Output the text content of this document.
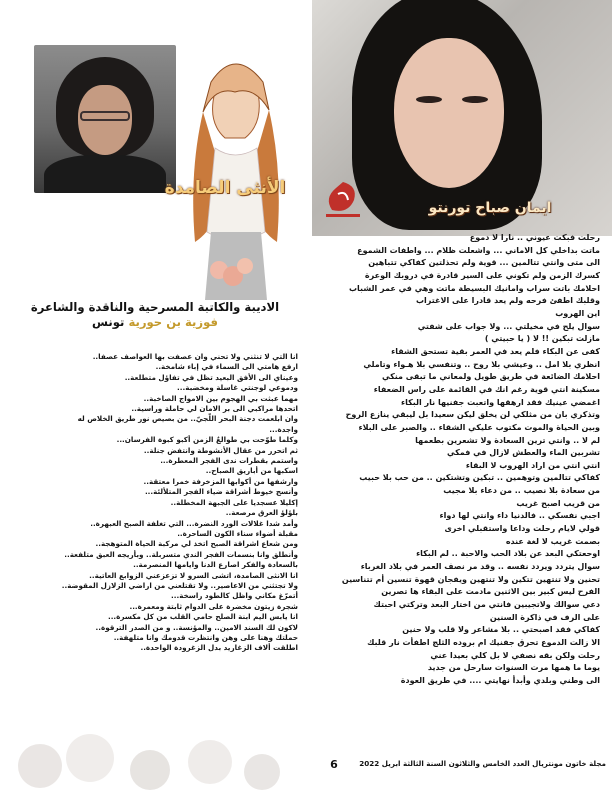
الأنثى الصامدة
ايمان صباح تورنتو
الاديبة والكاتبة المسرحية والناقدة والشاعرة
فوزية بن حورية تونس
انا التي لا تنثني ولا تحني وان عصفت بها العواصف عصفا..
ارفع هامتي الى السماء في إباء شامخة..
وعيناي الى الأفق البعيد تظل في تفاؤل متطلعة..
ودموعي لوجنتي غاسلة ومخضبة...
مهما عبثت بي الهجوم بين الامواج الصاخبة..
اتحدها مراكبي الى بر الامان لي حاملة وراسية..
وان ابلعمت دجنة البحر اللّجيّ.. من بصيص نور طريق الخلاص له
واجدة...
وكلما طوّحت بي طوالعٌ الزمن أكبو كبوة الفرسان...
ثم اتحرر من عقال الأنشوطة وانتفض جنلة..
واستمم بقطرات ندى الفجر المعطرة...
اسكبها من أباريق الصباح..
وارشفها من أكوابها المزخرفة خمرا معتقة..
وأنسج خيوط أشراقة ضياء الفجر المتلألئة...
إكليلا عسجديا على الجبهة المخطلة..
بلؤلؤ العرق مرصعة..
وأمد شدا غلالات الورد النضرة... التي تغلفة الصبح العبهرة..
مقبلة أضواء سناء الكون الساحرة..
ومن شعاع اشراقة الصبح اتخذ لي مركبة الحياة المتوهجة..
وأنطلق وانا بنسمات الفجر الندي متسربلة.. وبأريجه العبق متلفعة..
بالسعادة والفكر اصارع الدنا وايامها المنصرمة..
انا الانثى الصامدة، اتشى السرو لا تزعزعني الزوابع العاتية..
ولا تجتثني من الاعاصير.. ولا تقتلعني من اراضي الزلازل المقوضة..
أتمرّغ مكاني واظل كالطود راسخة...
شجرة زيتون مخضرة على الدوام ثابتة ومعمرة...
انا يابس اليم ابنة الصلح حامي القلب من كل مكسرة...
لاكون لك السند الامين.. والمؤنسة.. و من الصدر الترقوة..
حملتك وهنا على وهن وانتظرت قدومك وانا متلهفة..
اطلقت ألاف الزغاريد بدل الزغرودة الواحدة..
رحلت فبكت عيوني .. نارا لا دموع
ماتت بداخلي كل الاماني ... واشعلت ظلام ... واطفات الشموع
الى متى وانتي تتالمين ... قوية ولم تحذلتين كفاكي تتباهين
كسرك الزمن ولم تكوني على السير قادرة في دروبك الوعرة
احلامك باتت سراب وامانيك البسيطة ماتت وهي في عمر الشباب
وقلبك اطفئ فرحه ولم يعد قادرا على الاغتراب
اين الهروب
سوال يلح في مخيلتي ... ولا جواب على شفتي
مازلت تبكين !! لا ( يا حبيتي )
كفى عن البكاء فلم يعد في العمر بقية تستحق الشقاء
انظري بلا امل .. وعيشي بلا روح .. وتنفسي بلا هـواء وتاملي
احلامك الضائعة في طريق طويل ولمعاني ما تبقى منكي
مسكينة انتي قوية رغم انك في القائمة على راس الضعفاء
اغمضي عينيك فقد ارهقها واتعبت جفنيها نار البكاء
وتذكري بان من مثلكي لن يخلق ليكن سعيدا بل ليبقي ينازع الروح
وبين الحياة والموت مكتوب عليكي الشقاء .. والصبر على البلاء
لم لا .. وانتي ترين السعادة ولا تشعرين بطعمها
تشربين الماء والعطش لازال في فمكي
انتي انتي من اراد الهروب لا البقاء
كفاكي تتالمين وتوهمين .. تبكين وتشتكين .. من حب بلا حبيب
من سعادة بلا نصيب .. من دعاء بلا مجيب
من قريب اصبح غريب
اجبي نفسكي .. فالدنيا داء وانتي لها دواء
قولي لايام رحلت وداعا واستقبلي اخرى
بصمت غريب لا لغة عنده
اوحعتكي البعد عن بلاد الحب والاحبة .. لم البكاء
سوال يتردد ويردد نفسه .. وقد مر نصف العمر في بلاد الغرباء
تحنين ولا تنتهين تتكين ولا تنتهين ويفجان قهوة تنسين أم تتناسين
الفرح ليس كبير بين الاثنين مادمت على البقاء ها تصرين
دعي سوالك ولاتجيبين فانتي من اختار البعد وتركتي احبتك
على الرف في ذاكرة السنين
كفاكي فقد اصبحتي .. بلا مشاعر ولا قلب ولا حنين
الا زالت الدموع تحرق جفنيك ام بروده الثلج اطفأت نار قلبك
رحلت ولكن بقه نصفي لا بل كلي بعيدا عني
يوما ما همها مرت السنوات سارحل من جديد
الى وطني وبلدي وأبدأ نهايتي .... في طريق العودة
6	مجلة خاتون مونتريال العدد الخامس والثلاثون السنة الثالثة ابريل 2022
